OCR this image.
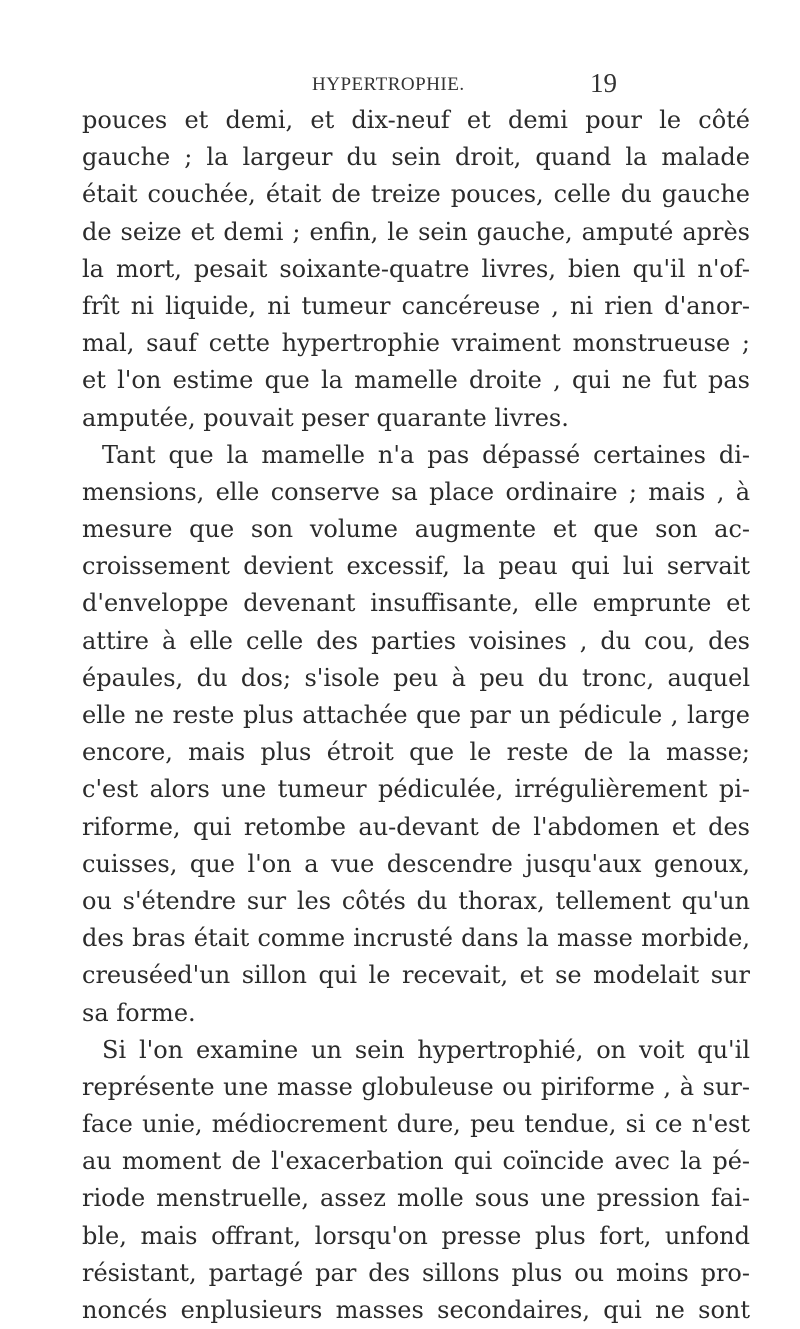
HYPERTROPHIE.	19
pouces et demi, et dix-neuf et demi pour le côté
gauche ; la largeur du sein droit, quand la malade
était couchée, était de treize pouces, celle du gauche
de seize et demi ; enfin, le sein gauche, amputé après
la mort, pesait soixante-quatre livres, bien qu'il n'of-
frît ni liquide, ni tumeur cancéreuse , ni rien d'anor-
mal, sauf cette hypertrophie vraiment monstrueuse ;
et l'on estime que la mamelle droite , qui ne fut pas
amputée, pouvait peser quarante livres.
Tant que la mamelle n'a pas dépassé certaines di-
mensions, elle conserve sa place ordinaire ; mais , à
mesure que son volume augmente et que son ac-
croissement devient excessif, la peau qui lui servait
d'enveloppe devenant insuffisante, elle emprunte et
attire à elle celle des parties voisines , du cou, des
épaules, du dos; s'isole peu à peu du tronc, auquel
elle ne reste plus attachée que par un pédicule , large
encore, mais plus étroit que le reste de la masse;
c'est alors une tumeur pédiculée, irrégulièrement pi-
riforme, qui retombe au-devant de l'abdomen et des
cuisses, que l'on a vue descendre jusqu'aux genoux,
ou s'étendre sur les côtés du thorax, tellement qu'un
des bras était comme incrusté dans la masse morbide,
creuséed'un sillon qui le recevait, et se modelait sur
sa forme.
Si l'on examine un sein hypertrophié, on voit qu'il
représente une masse globuleuse ou piriforme , à sur-
face unie, médiocrement dure, peu tendue, si ce n'est
au moment de l'exacerbation qui coïncide avec la pé-
riode menstruelle, assez molle sous une pression fai-
ble, mais offrant, lorsqu'on presse plus fort, unfond
résistant, partagé par des sillons plus ou moins pro-
noncés enplusieurs masses secondaires, qui ne sont
